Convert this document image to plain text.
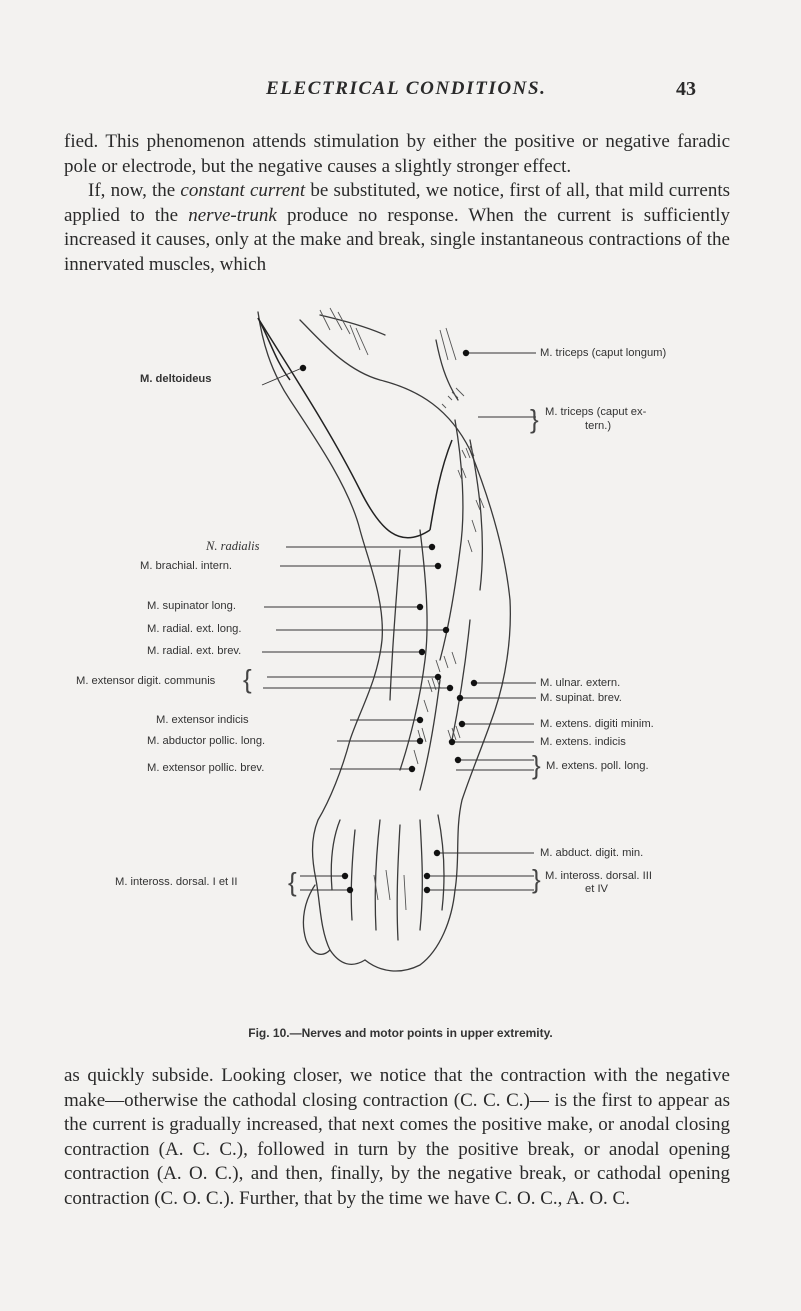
ELECTRICAL CONDITIONS.	43

fied. This phenomenon attends stimulation by either the positive or negative faradic pole or electrode, but the negative causes a slightly stronger effect.

If, now, the constant current be substituted, we notice, first of all, that mild currents applied to the nerve-trunk produce no response. When the current is sufficiently increased it causes, only at the make and break, single instantaneous contractions of the innervated muscles, which

M. deltoideus
N. radialis
M. brachial. intern.
M. supinator long.
M. radial. ext. long.
M. radial. ext. brev.
M. extensor digit. communis {
M. extensor indicis
M. abductor pollic. long.
M. extensor pollic. brev.
M. inteross. dorsal. I et II {
M. triceps (caput longum)
} M. triceps (caput ex-
tern.)
M. ulnar. extern.
M. supinat. brev.
M. extens. digiti minim.
M. extens. indicis
} M. extens. poll. long.
M. abduct. digit. min.
} M. inteross. dorsal. III
et IV
Fig. 10.—Nerves and motor points in upper extremity.

as quickly subside. Looking closer, we notice that the contraction with the negative make—otherwise the cathodal closing contraction (C. C. C.)— is the first to appear as the current is gradually increased, that next comes the positive make, or anodal closing contraction (A. C. C.), followed in turn by the positive break, or anodal opening contraction (A. O. C.), and then, finally, by the negative break, or cathodal opening contraction (C. O. C.). Further, that by the time we have C. O. C., A. O. C.
